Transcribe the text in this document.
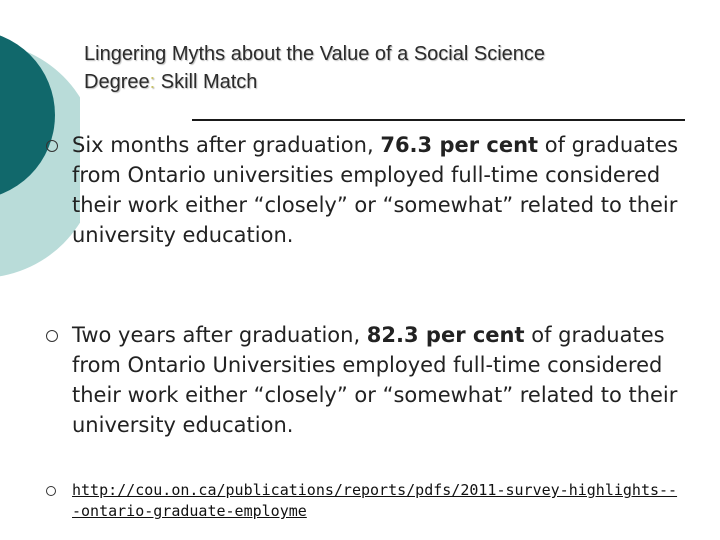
Lingering Myths about the Value of a Social Science
Degree: Skill Match
Six months after graduation, 76.3 per cent of graduates from Ontario universities employed full-time considered their work either “closely” or “somewhat” related to their university education.
Two years after graduation, 82.3 per cent of graduates from Ontario Universities employed full-time considered their work either “closely” or “somewhat” related to their university education.
http://cou.on.ca/publications/reports/pdfs/2011-survey-highlights---ontario-graduate-employme
